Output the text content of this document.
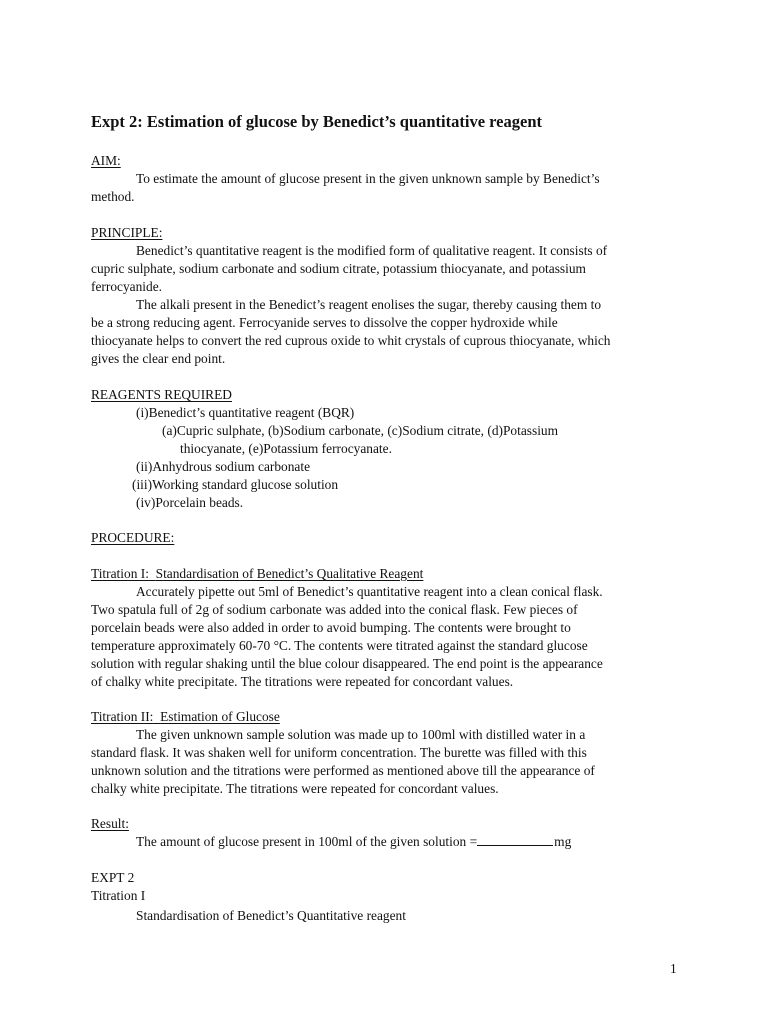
Expt 2: Estimation of glucose by Benedict’s quantitative reagent
AIM:
To estimate the amount of glucose present in the given unknown sample by Benedict’s
method.
PRINCIPLE:
Benedict’s quantitative reagent is the modified form of qualitative reagent. It consists of
cupric sulphate, sodium carbonate and sodium citrate, potassium thiocyanate, and potassium
ferrocyanide.
The alkali present in the Benedict’s reagent enolises the sugar, thereby causing them to
be a strong reducing agent. Ferrocyanide serves to dissolve the copper hydroxide while
thiocyanate helps to convert the red cuprous oxide to whit crystals of cuprous thiocyanate, which
gives the clear end point.
REAGENTS REQUIRED
(i)Benedict’s quantitative reagent (BQR)
(a)Cupric sulphate, (b)Sodium carbonate, (c)Sodium citrate, (d)Potassium
thiocyanate, (e)Potassium ferrocyanate.
(ii)Anhydrous sodium carbonate
(iii)Working standard glucose solution
(iv)Porcelain beads.
PROCEDURE:
Titration I: Standardisation of Benedict’s Qualitative Reagent
Accurately pipette out 5ml of Benedict’s quantitative reagent into a clean conical flask.
Two spatula full of 2g of sodium carbonate was added into the conical flask. Few pieces of
porcelain beads were also added in order to avoid bumping. The contents were brought to
temperature approximately 60-70 °C. The contents were titrated against the standard glucose
solution with regular shaking until the blue colour disappeared. The end point is the appearance
of chalky white precipitate. The titrations were repeated for concordant values.
Titration II: Estimation of Glucose
The given unknown sample solution was made up to 100ml with distilled water in a
standard flask. It was shaken well for uniform concentration. The burette was filled with this
unknown solution and the titrations were performed as mentioned above till the appearance of
chalky white precipitate. The titrations were repeated for concordant values.
Result:
The amount of glucose present in 100ml of the given solution =	mg
EXPT 2
Titration I
Standardisation of Benedict’s Quantitative reagent
1
